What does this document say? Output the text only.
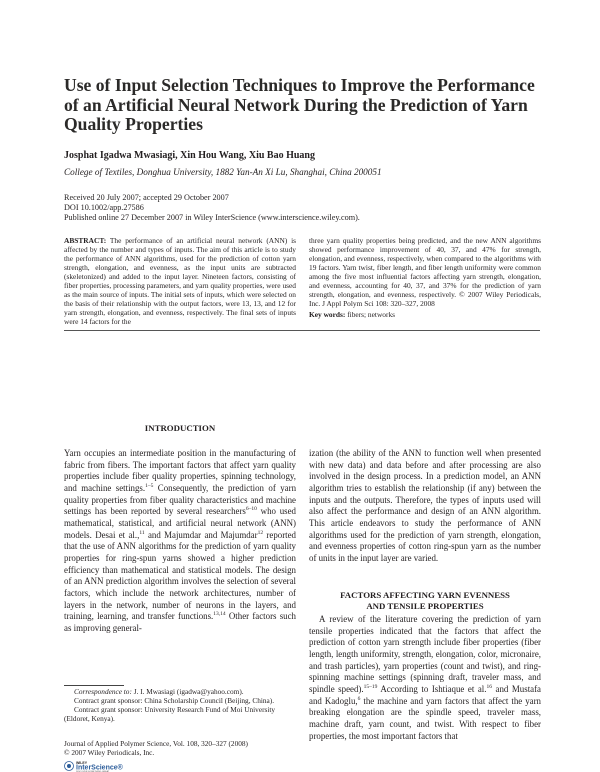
Use of Input Selection Techniques to Improve the Performance of an Artificial Neural Network During the Prediction of Yarn Quality Properties
Josphat Igadwa Mwasiagi, Xin Hou Wang, Xiu Bao Huang
College of Textiles, Donghua University, 1882 Yan-An Xi Lu, Shanghai, China 200051
Received 20 July 2007; accepted 29 October 2007
DOI 10.1002/app.27586
Published online 27 December 2007 in Wiley InterScience (www.interscience.wiley.com).
ABSTRACT: The performance of an artificial neural network (ANN) is affected by the number and types of inputs. The aim of this article is to study the performance of ANN algorithms, used for the prediction of cotton yarn strength, elongation, and evenness, as the input units are subtracted (skeletonized) and added to the input layer. Nineteen factors, consisting of fiber properties, processing parameters, and yarn quality properties, were used as the main source of inputs. The initial sets of inputs, which were selected on the basis of their relationship with the output factors, were 13, 13, and 12 for yarn strength, elongation, and evenness, respectively. The final sets of inputs were 14 factors for the
three yarn quality properties being predicted, and the new ANN algorithms showed performance improvement of 40, 37, and 47% for strength, elongation, and evenness, respectively, when compared to the algorithms with 19 factors. Yarn twist, fiber length, and fiber length uniformity were common among the five most influential factors affecting yarn strength, elongation, and evenness, accounting for 40, 37, and 37% for the prediction of yarn strength, elongation, and evenness, respectively. © 2007 Wiley Periodicals, Inc. J Appl Polym Sci 108: 320–327, 2008
Key words: fibers; networks
INTRODUCTION

Yarn occupies an intermediate position in the manufacturing of fabric from fibers. The important factors that affect yarn quality properties include fiber quality properties, spinning technology, and machine settings.$^{1-5}$ Consequently, the prediction of yarn quality properties from fiber quality characteristics and machine settings has been reported by several researchers$^{6-10}$ who used mathematical, statistical, and artificial neural network (ANN) models. Desai et al.,$^{11}$ and Majumdar and Majumdar$^{12}$ reported that the use of ANN algorithms for the prediction of yarn quality properties for ring-spun yarns showed a higher prediction efficiency than mathematical and statistical models. The design of an ANN prediction algorithm involves the selection of several factors, which include the network architectures, number of layers in the network, number of neurons in the layers, and training, learning, and transfer functions.$^{13,14}$ Other factors such as improving general-

ization (the ability of the ANN to function well when presented with new data) and data before and after processing are also involved in the design process. In a prediction model, an ANN algorithm tries to establish the relationship (if any) between the inputs and the outputs. Therefore, the types of inputs used will also affect the performance and design of an ANN algorithm. This article endeavors to study the performance of ANN algorithms used for the prediction of yarn strength, elongation, and evenness properties of cotton ring-spun yarn as the number of units in the input layer are varied.

FACTORS AFFECTING YARN EVENNESS
AND TENSILE PROPERTIES

A review of the literature covering the prediction of yarn tensile properties indicated that the factors that affect the prediction of cotton yarn strength include fiber properties (fiber length, length uniformity, strength, elongation, color, micronaire, and trash particles), yarn properties (count and twist), and ring-spinning machine settings (spinning draft, traveler mass, and spindle speed).$^{15-19}$ According to Ishtiaque et al.$^{16}$ and Mustafa and Kadoglu,$^6$ the machine and yarn factors that affect the yarn breaking elongation are the spindle speed, traveler mass, machine draft, yarn count, and twist. With respect to fiber properties, the most important factors that

Correspondence to: J. I. Mwasiagi (igadwa@yahoo.com).

Contract grant sponsor: China Scholarship Council (Beijing, China).

Contract grant sponsor: University Research Fund of Moi University (Eldoret, Kenya).

Journal of Applied Polymer Science, Vol. 108, 320–327 (2008)
© 2007 Wiley Periodicals, Inc.
WILEY
InterScience®
